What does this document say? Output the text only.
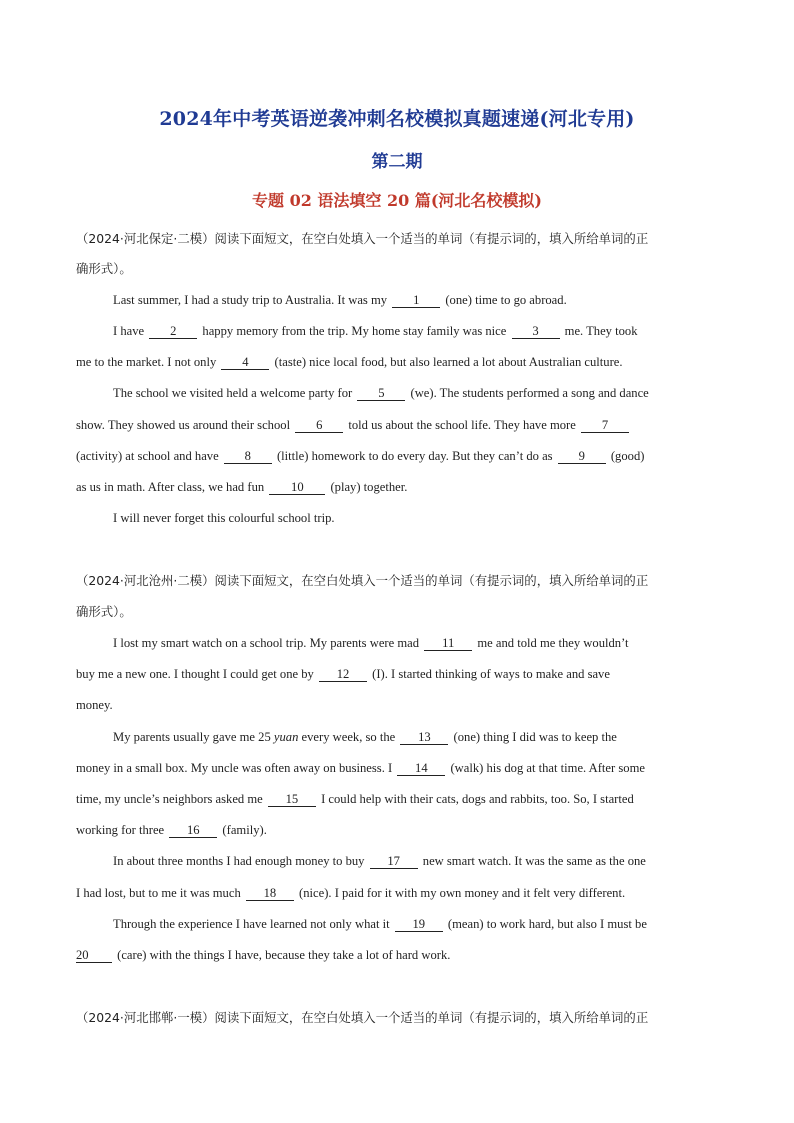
2024年中考英语逆袭冲刺名校模拟真题速递(河北专用)
第二期
专题 02 语法填空 20 篇(河北名校模拟)
（2024·河北保定·二模）阅读下面短文，在空白处填入一个适当的单词（有提示词的，填入所给单词的正
确形式）。
Last summer, I had a study trip to Australia. It was my 1 (one) time to go abroad.
I have 2 happy memory from the trip. My home stay family was nice 3 me. They took
me to the market. I not only 4 (taste) nice local food, but also learned a lot about Australian culture.
The school we visited held a welcome party for 5 (we). The students performed a song and dance
show. They showed us around their school 6 told us about the school life. They have more 7
(activity) at school and have 8 (little) homework to do every day. But they can’t do as 9 (good)
as us in math. After class, we had fun 10 (play) together.
I will never forget this colourful school trip.
（2024·河北沧州·二模）阅读下面短文，在空白处填入一个适当的单词（有提示词的，填入所给单词的正
确形式）。
I lost my smart watch on a school trip. My parents were mad 11 me and told me they wouldn’t
buy me a new one. I thought I could get one by 12 (I). I started thinking of ways to make and save
money.
My parents usually gave me 25 yuan every week, so the 13 (one) thing I did was to keep the
money in a small box. My uncle was often away on business. I 14 (walk) his dog at that time. After some
time, my uncle’s neighbors asked me 15 I could help with their cats, dogs and rabbits, too. So, I started
working for three 16 (family).
In about three months I had enough money to buy 17 new smart watch. It was the same as the one
I had lost, but to me it was much 18 (nice). I paid for it with my own money and it felt very different.
Through the experience I have learned not only what it 19 (mean) to work hard, but also I must be
20 (care) with the things I have, because they take a lot of hard work.
（2024·河北邯郸·一模）阅读下面短文，在空白处填入一个适当的单词（有提示词的，填入所给单词的正
